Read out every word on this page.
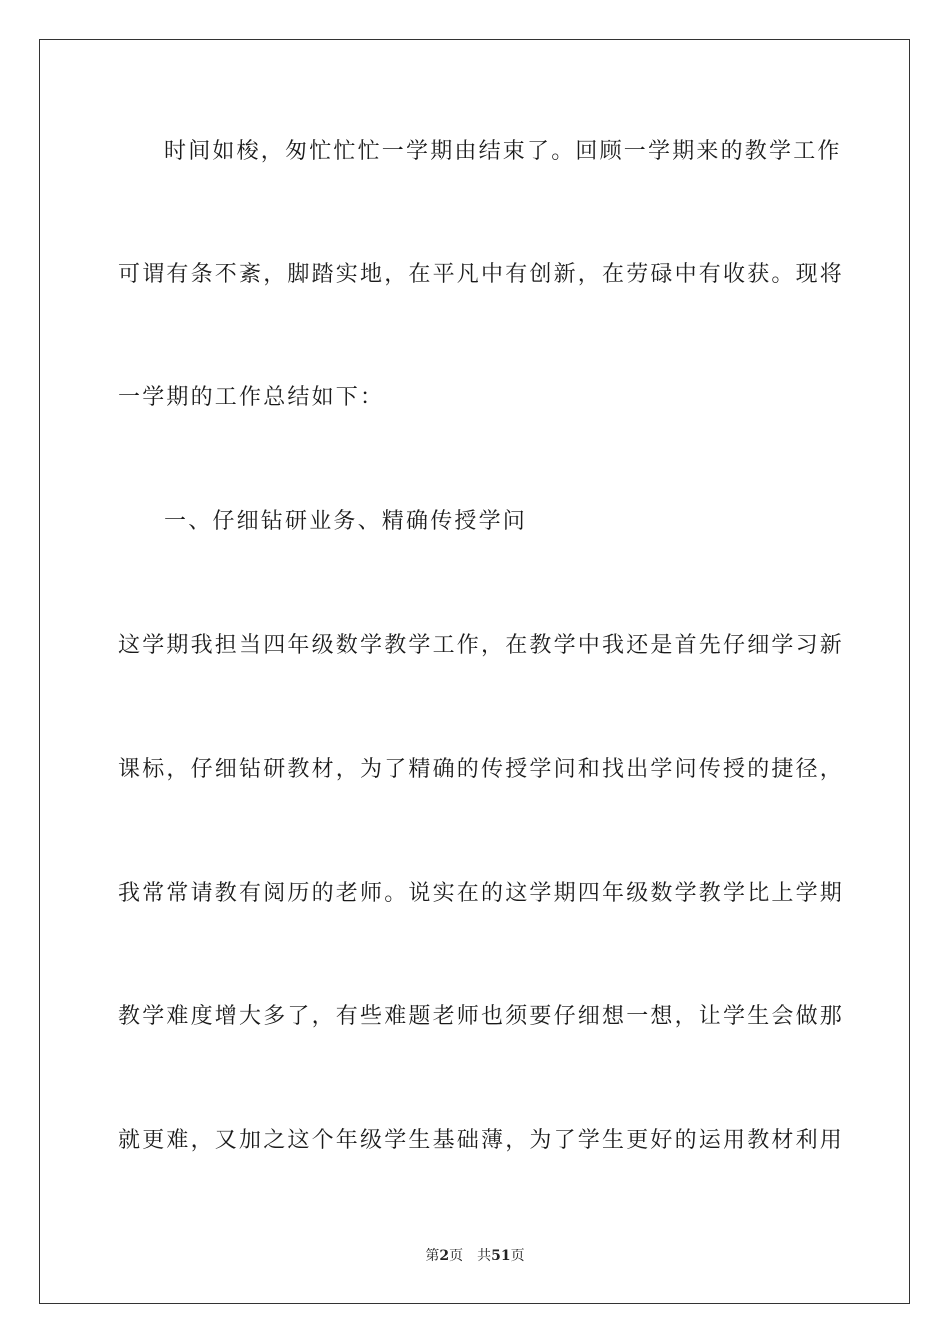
时间如梭，匆忙忙忙一学期由结束了。回顾一学期来的教学工作
可谓有条不紊，脚踏实地，在平凡中有创新，在劳碌中有收获。现将
一学期的工作总结如下：
一、仔细钻研业务、精确传授学问
这学期我担当四年级数学教学工作，在教学中我还是首先仔细学习新
课标，仔细钻研教材，为了精确的传授学问和找出学问传授的捷径，
我常常请教有阅历的老师。说实在的这学期四年级数学教学比上学期
教学难度增大多了，有些难题老师也须要仔细想一想，让学生会做那
就更难，又加之这个年级学生基础薄，为了学生更好的运用教材利用
第2页 共51页
